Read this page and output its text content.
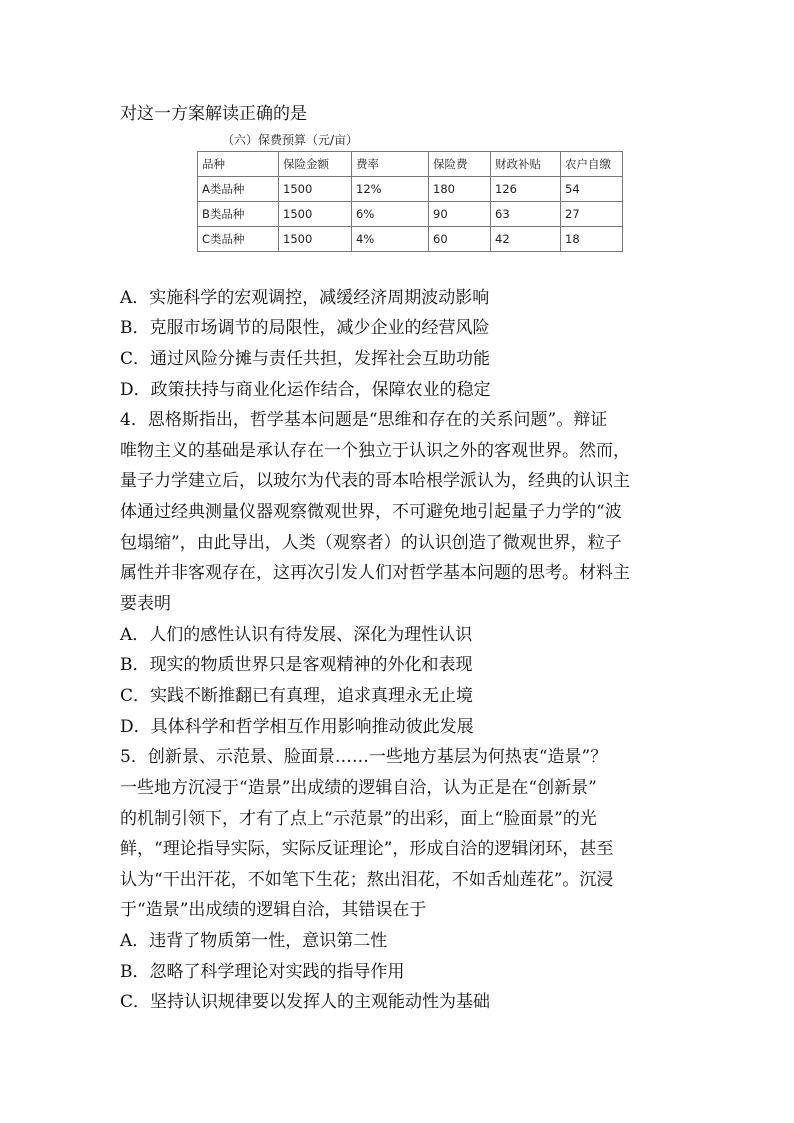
对这一方案解读正确的是
（六）保费预算（元/亩）
品种	保险金额	费率	保险费	财政补贴	农户自缴
A类品种	1500	12%	180	126	54
B类品种	1500	6%	90	63	27
C类品种	1500	4%	60	42	18
A．实施科学的宏观调控，减缓经济周期波动影响
B．克服市场调节的局限性，减少企业的经营风险
C．通过风险分摊与责任共担，发挥社会互助功能
D．政策扶持与商业化运作结合，保障农业的稳定
4．恩格斯指出，哲学基本问题是“思维和存在的关系问题”。辩证
唯物主义的基础是承认存在一个独立于认识之外的客观世界。然而，
量子力学建立后，以玻尔为代表的哥本哈根学派认为，经典的认识主
体通过经典测量仪器观察微观世界，不可避免地引起量子力学的“波
包塌缩”，由此导出，人类（观察者）的认识创造了微观世界，粒子
属性并非客观存在，这再次引发人们对哲学基本问题的思考。材料主
要表明
A．人们的感性认识有待发展、深化为理性认识
B．现实的物质世界只是客观精神的外化和表现
C．实践不断推翻已有真理，追求真理永无止境
D．具体科学和哲学相互作用影响推动彼此发展
5．创新景、示范景、脸面景……一些地方基层为何热衷“造景”？
一些地方沉浸于“造景”出成绩的逻辑自洽，认为正是在“创新景”
的机制引领下，才有了点上“示范景”的出彩，面上“脸面景”的光
鲜，“理论指导实际，实际反证理论”，形成自洽的逻辑闭环，甚至
认为“干出汗花，不如笔下生花；熬出泪花，不如舌灿莲花”。沉浸
于“造景”出成绩的逻辑自洽，其错误在于
A．违背了物质第一性，意识第二性
B．忽略了科学理论对实践的指导作用
C．坚持认识规律要以发挥人的主观能动性为基础
